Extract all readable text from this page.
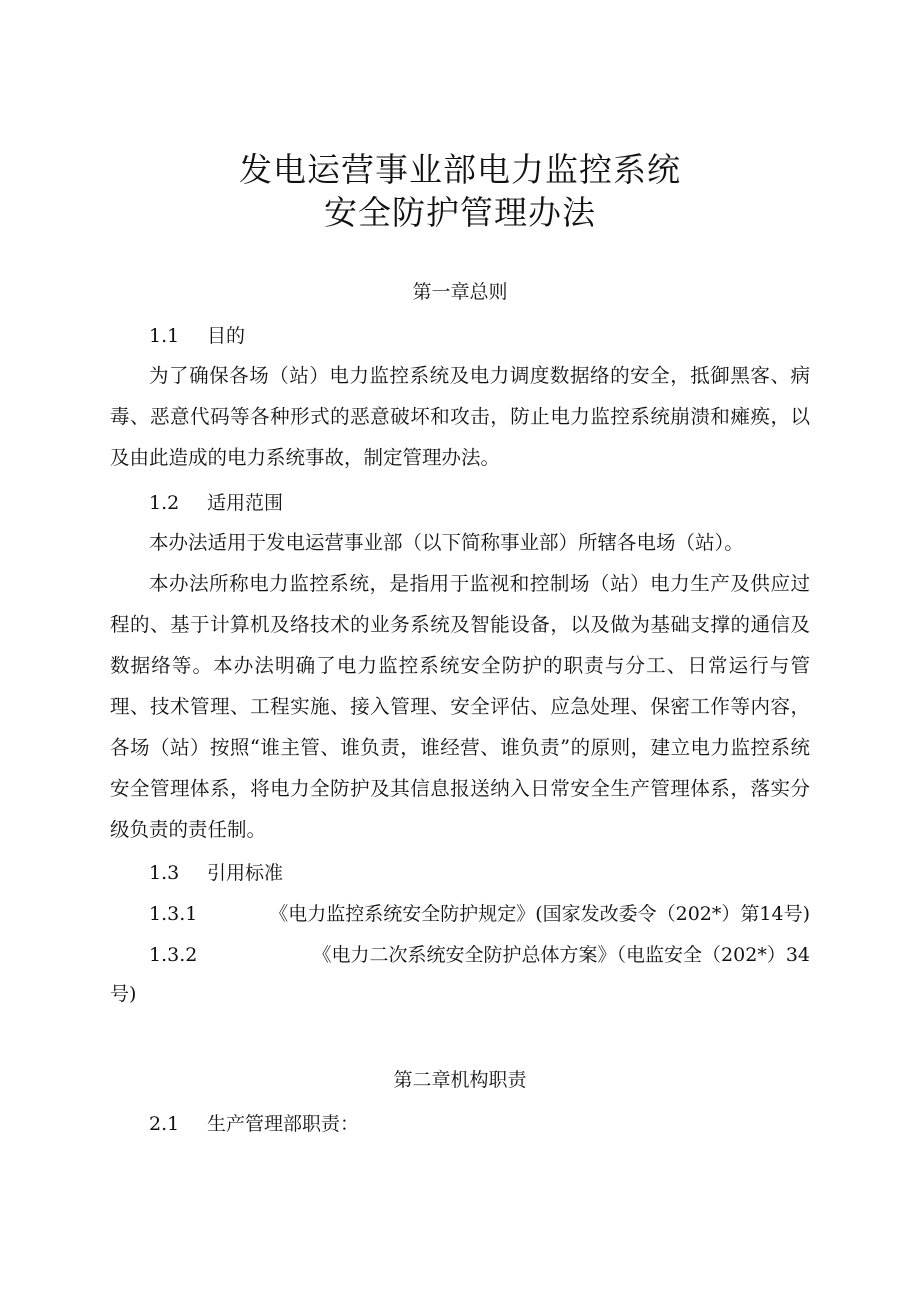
发电运营事业部电力监控系统
安全防护管理办法
第一章总则
1.1 目的

为了确保各场（站）电力监控系统及电力调度数据络的安全，抵御黑客、病毒、恶意代码等各种形式的恶意破坏和攻击，防止电力监控系统崩溃和瘫痪，以及由此造成的电力系统事故，制定管理办法。

1.2 适用范围

本办法适用于发电运营事业部（以下简称事业部）所辖各电场（站）。

本办法所称电力监控系统，是指用于监视和控制场（站）电力生产及供应过程的、基于计算机及络技术的业务系统及智能设备，以及做为基础支撑的通信及数据络等。本办法明确了电力监控系统安全防护的职责与分工、日常运行与管理、技术管理、工程实施、接入管理、安全评估、应急处理、保密工作等内容，各场（站）按照“谁主管、谁负责，谁经营、谁负责”的原则，建立电力监控系统安全管理体系，将电力全防护及其信息报送纳入日常安全生产管理体系，落实分级负责的责任制。

1.3 引用标准
1.3.1	《电力监控系统安全防护规定》(国家发改委令（202*）第14号)
1.3.2	《电力二次系统安全防护总体方案》（电监安全（202*）34
号)
第二章机构职责
2.1 生产管理部职责：
